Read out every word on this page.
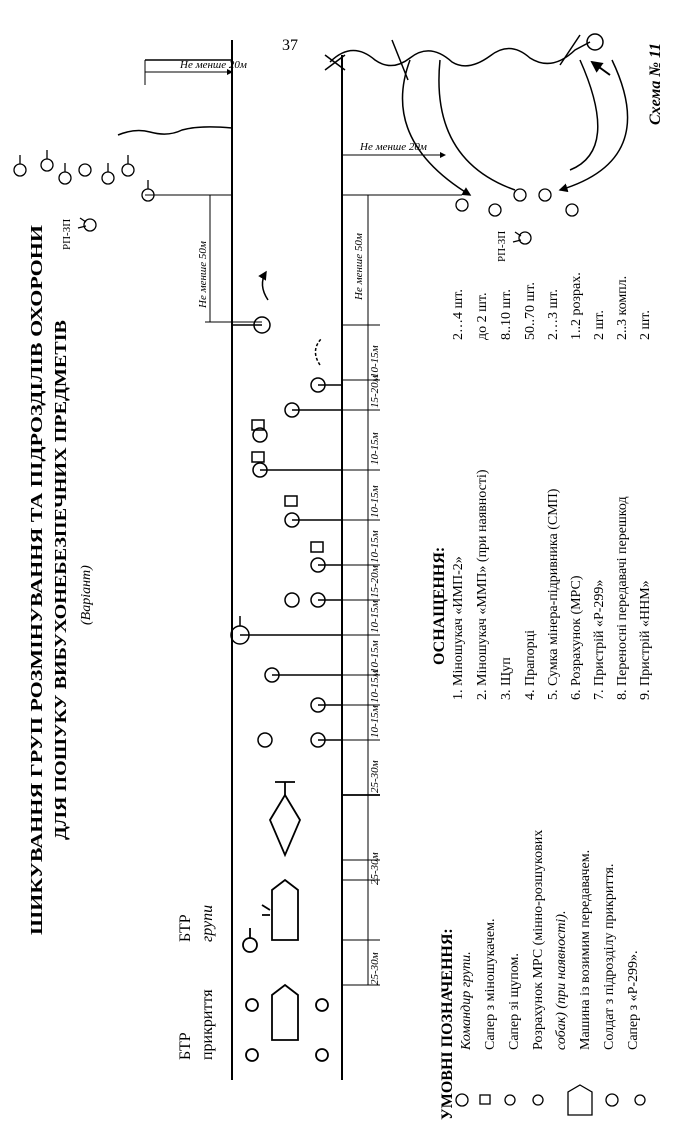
37	Схема № 11
ШИКУВАННЯ ГРУП РОЗМІНУВАННЯ ТА ПІДРОЗДІЛІВ ОХОРОНИ ДЛЯ ПОШУКУ ВИБУХОНЕБЕЗПЕЧНИХ ПРЕДМЕТІВ (Варіант)
БТР прикриття
БТР групи
Не менше 20м
Не менше 20м
Не менше 50м
10-15м
15-20м
10-15м
10-15м
10-15м
15-20м
10-15м
10-15м
10-15м
10-15м
25-30м
25-30м
25-30м
Не менше 50м
РП-ЗП	РП-ЗП
УМОВНІ ПОЗНАЧЕННЯ: Командир групи. Сапер з міношукачем. Сапер зі щупом. Розрахунок МРС (мінно-розшукових собак) (при наявності). Машина із возимим передавачем. Солдат з підрозділу прикриття. Сапер з «Р-299».
ОСНАЩЕННЯ: 1. Міношукач «ИМП-2»
2…4 шт.
2. Міношукач «ММП» (при наявності)
до 2 шт.
3. Щуп
8..10 шт.
4. Прапорці
50..70 шт.
5. Сумка мінера-підривника (СМП)
2…3 шт.
6. Розрахунок (МРС)
1..2 розрах.
7. Пристрій «Р-299»
2 шт.
8. Переносні передавачі перешкод
2..3 компл.
9. Пристрій «ННМ»
2 шт.
